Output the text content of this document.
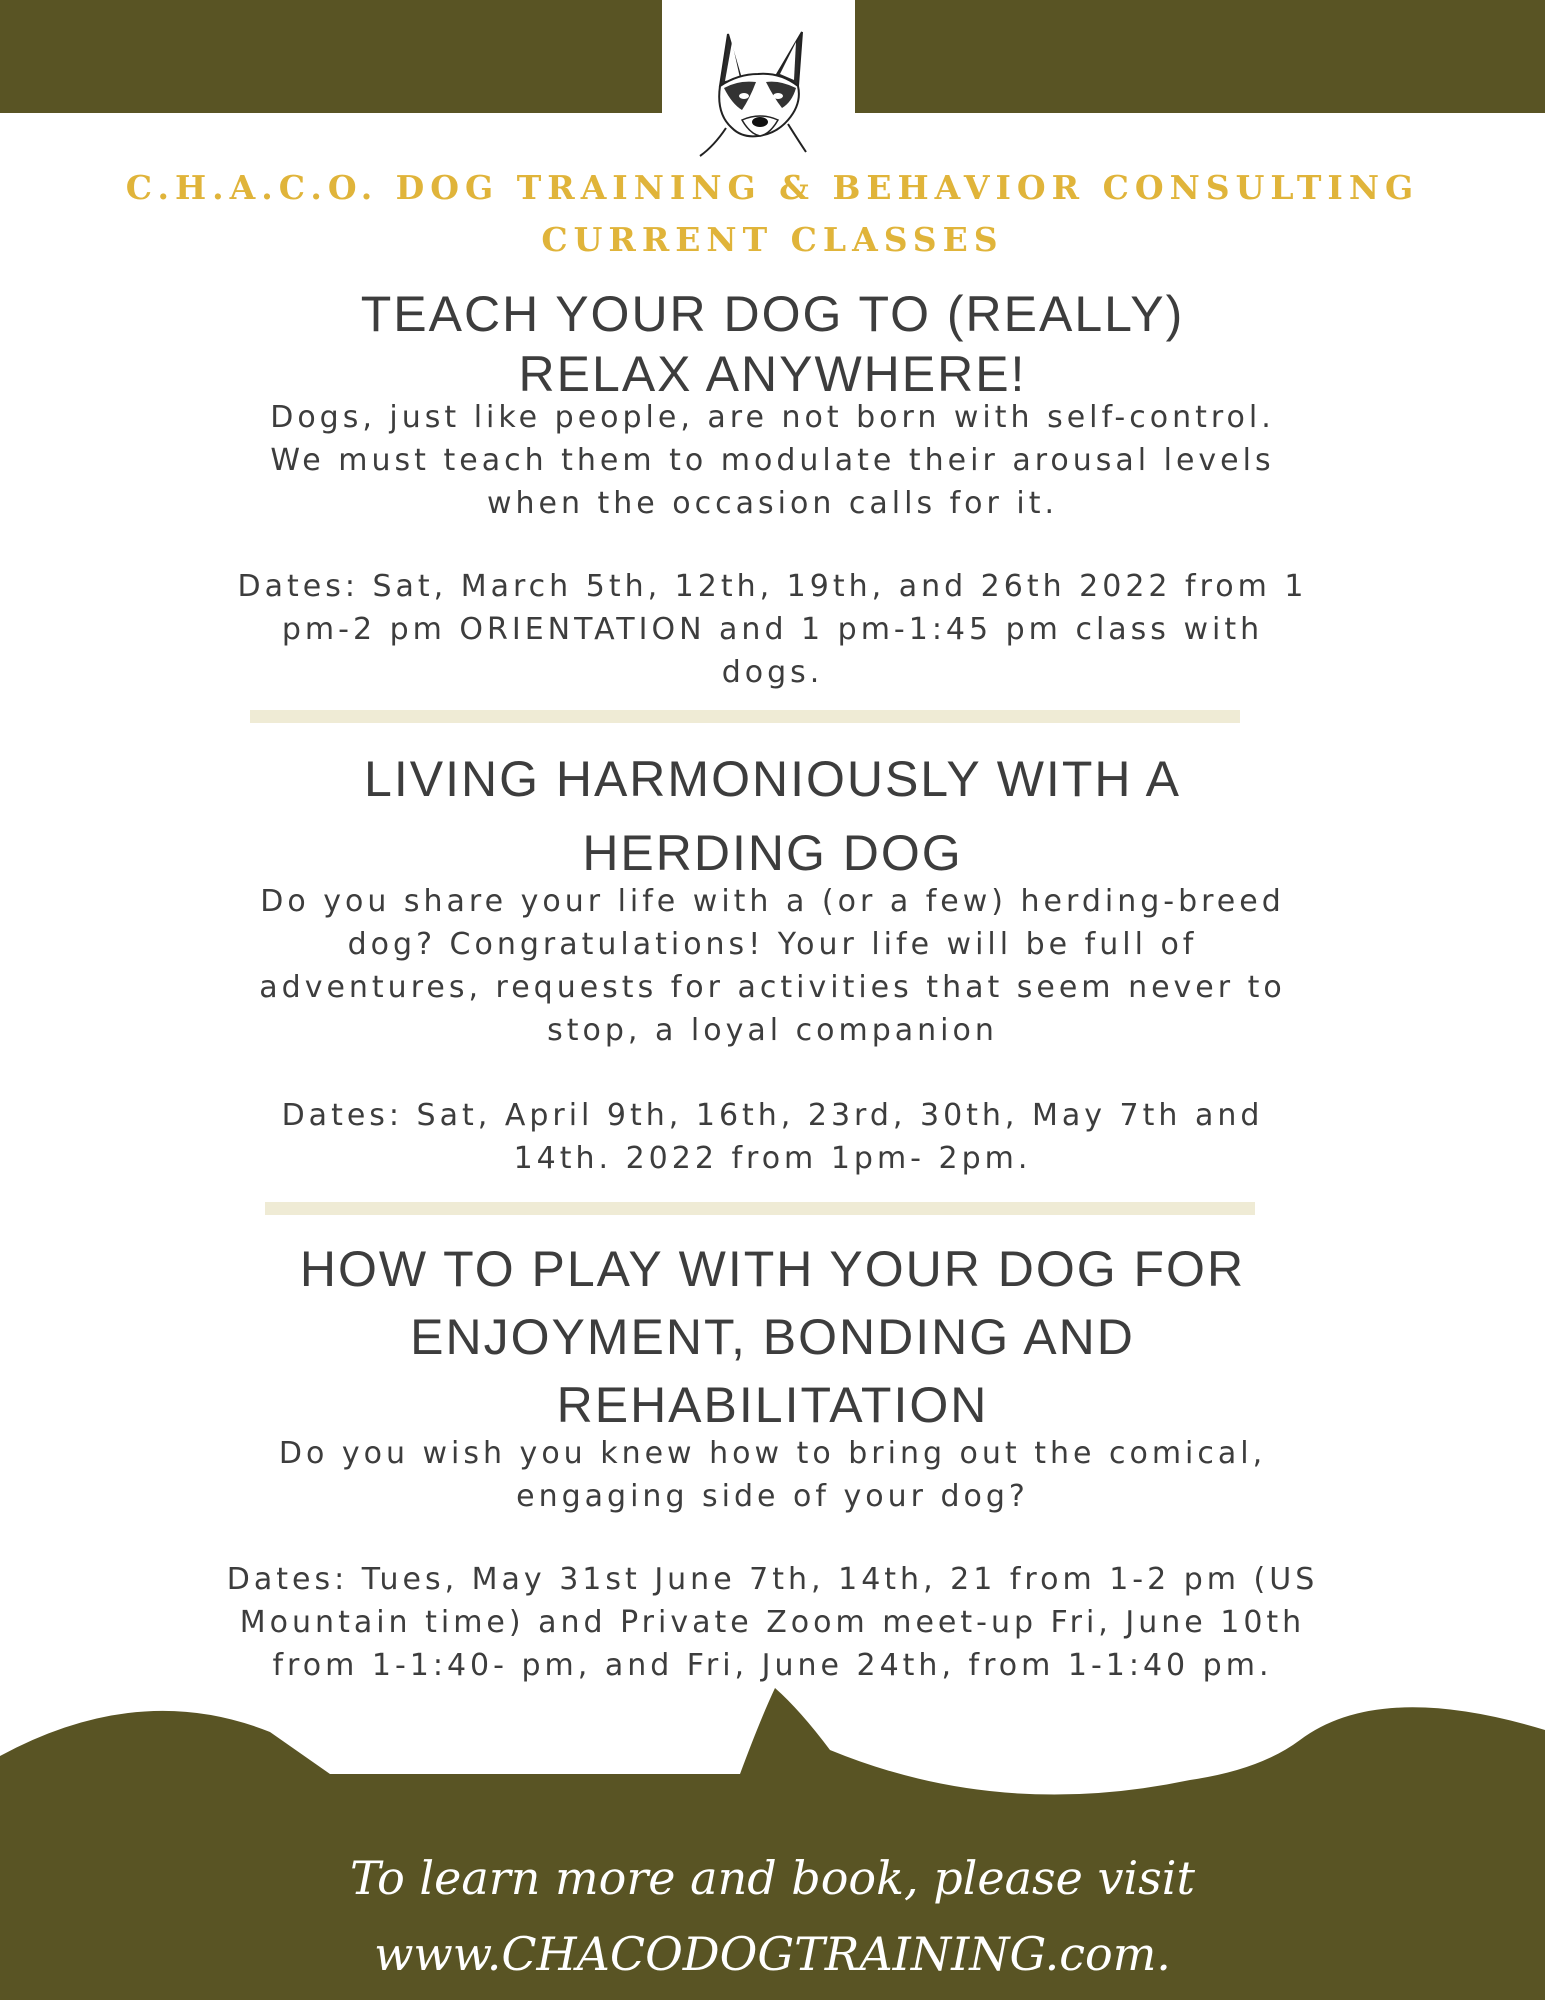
C.H.A.C.O. DOG TRAINING & BEHAVIOR CONSULTING
CURRENT CLASSES
TEACH YOUR DOG TO (REALLY)
RELAX ANYWHERE!
Dogs, just like people, are not born with self-control.
We must teach them to modulate their arousal levels
when the occasion calls for it.
Dates: Sat, March 5th, 12th, 19th, and 26th 2022 from 1
pm-2 pm ORIENTATION and 1 pm-1:45 pm class with
dogs.
LIVING HARMONIOUSLY WITH A
HERDING DOG
Do you share your life with a (or a few) herding-breed
dog? Congratulations! Your life will be full of
adventures, requests for activities that seem never to
stop, a loyal companion
Dates: Sat, April 9th, 16th, 23rd, 30th, May 7th and
14th. 2022 from 1pm- 2pm.
HOW TO PLAY WITH YOUR DOG FOR
ENJOYMENT, BONDING AND
REHABILITATION
Do you wish you knew how to bring out the comical,
engaging side of your dog?
Dates: Tues, May 31st June 7th, 14th, 21 from 1-2 pm (US
Mountain time) and Private Zoom meet-up Fri, June 10th
from 1-1:40- pm, and Fri, June 24th, from 1-1:40 pm.
To learn more and book, please visit
www.CHACODOGTRAINING.com.
